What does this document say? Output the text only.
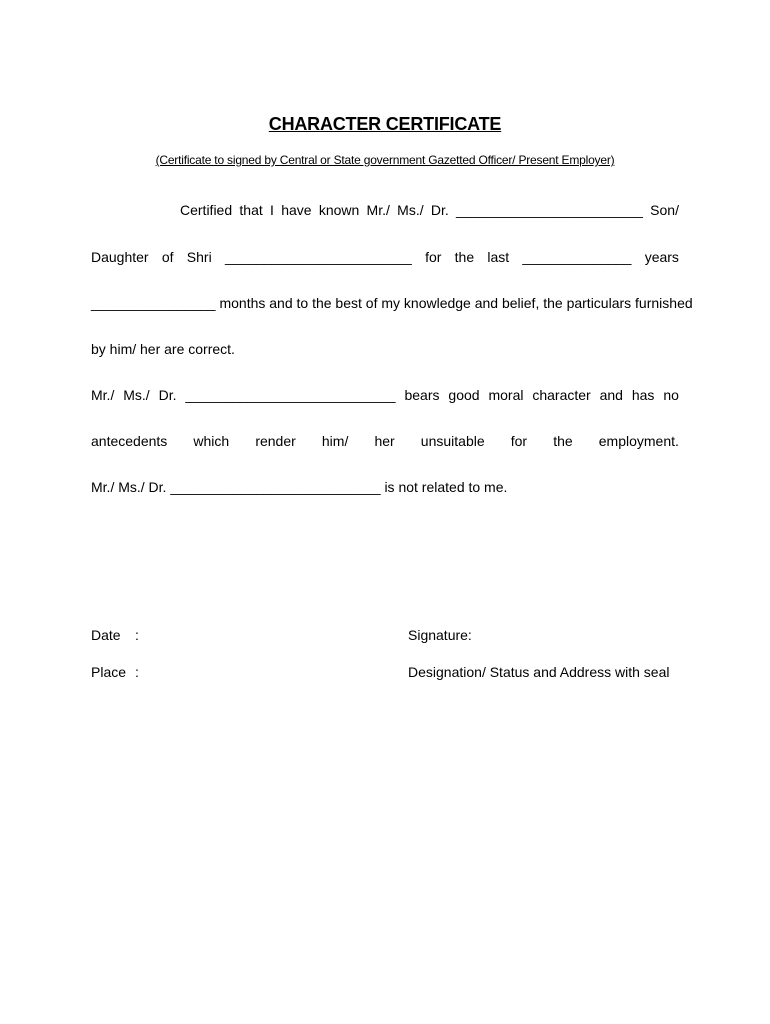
CHARACTER CERTIFICATE
(Certificate to signed by Central or State government Gazetted Officer/ Present Employer)
Certified that I have known Mr./ Ms./ Dr. ________________________ Son/
Daughter of Shri ________________________ for the last ______________ years
________________ months and to the best of my knowledge and belief, the particulars furnished
by him/ her are correct.
Mr./ Ms./ Dr. ___________________________ bears good moral character and has no
antecedents which render him/ her unsuitable for the employment.
Mr./ Ms./ Dr. ___________________________ is not related to me.
Date :	Signature:
Place :	Designation/ Status and Address with seal
